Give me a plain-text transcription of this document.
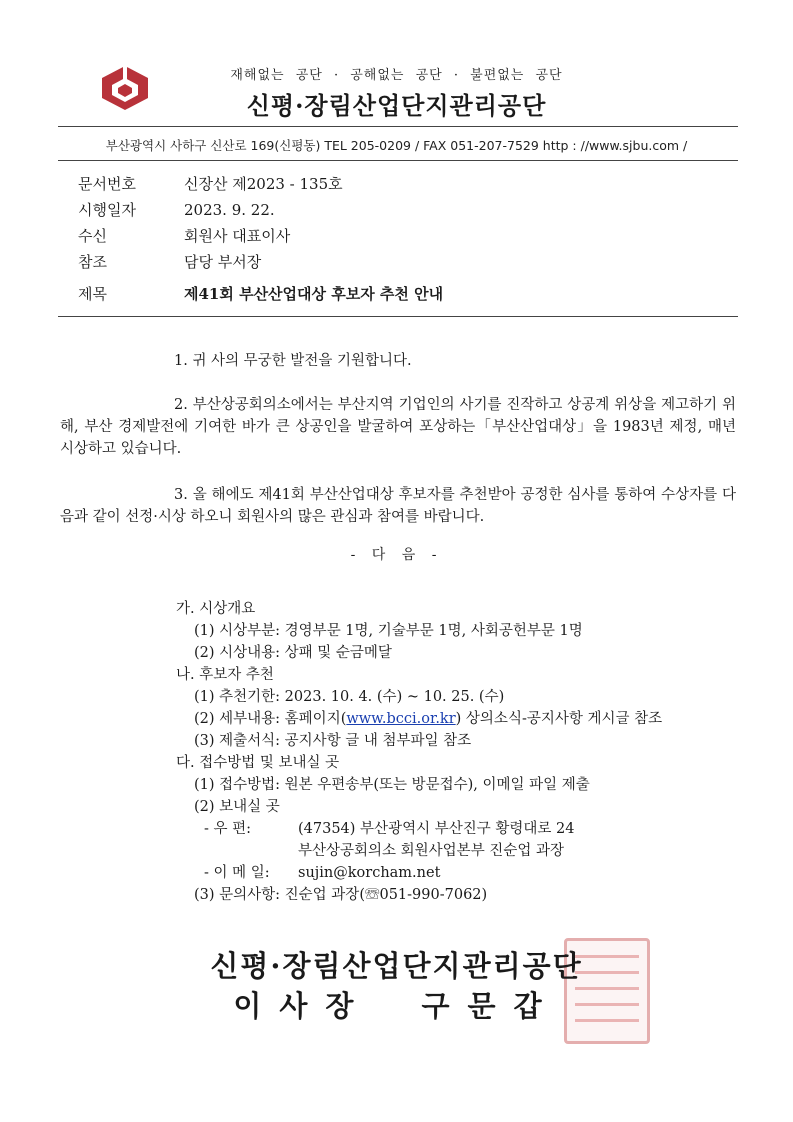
재해없는 공단 · 공해없는 공단 · 불편없는 공단
신평·장림산업단지관리공단
부산광역시 사하구 신산로 169(신평동) TEL 205-0209 / FAX 051-207-7529 http : //www.sjbu.com /
문서번호	신장산 제2023 - 135호
시행일자	2023. 9. 22.
수신	회원사 대표이사
참조	담당 부서장
제목	제41회 부산산업대상 후보자 추천 안내
1. 귀 사의 무궁한 발전을 기원합니다.
2. 부산상공회의소에서는 부산지역 기업인의 사기를 진작하고 상공계 위상을 제고하기 위해, 부산 경제발전에 기여한 바가 큰 상공인을 발굴하여 포상하는「부산산업대상」을 1983년 제정, 매년 시상하고 있습니다.
3. 올 해에도 제41회 부산산업대상 후보자를 추천받아 공정한 심사를 통하여 수상자를 다음과 같이 선정·시상 하오니 회원사의 많은 관심과 참여를 바랍니다.
- 다 음 -
가. 시상개요
(1) 시상부분: 경영부문 1명, 기술부문 1명, 사회공헌부문 1명
(2) 시상내용: 상패 및 순금메달
나. 후보자 추천
(1) 추천기한: 2023. 10. 4. (수) ~ 10. 25. (수)
(2) 세부내용: 홈페이지(www.bcci.or.kr) 상의소식-공지사항 게시글 참조
(3) 제출서식: 공지사항 글 내 첨부파일 참조
다. 접수방법 및 보내실 곳
(1) 접수방법: 원본 우편송부(또는 방문접수), 이메일 파일 제출
(2) 보내실 곳
- 우 편:	(47354) 부산광역시 부산진구 황령대로 24
부산상공회의소 회원사업본부 진순업 과장
- 이 메 일: sujin@korcham.net
(3) 문의사항: 진순업 과장(☏051-990-7062)
신평·장림산업단지관리공단
이사장 구문갑
